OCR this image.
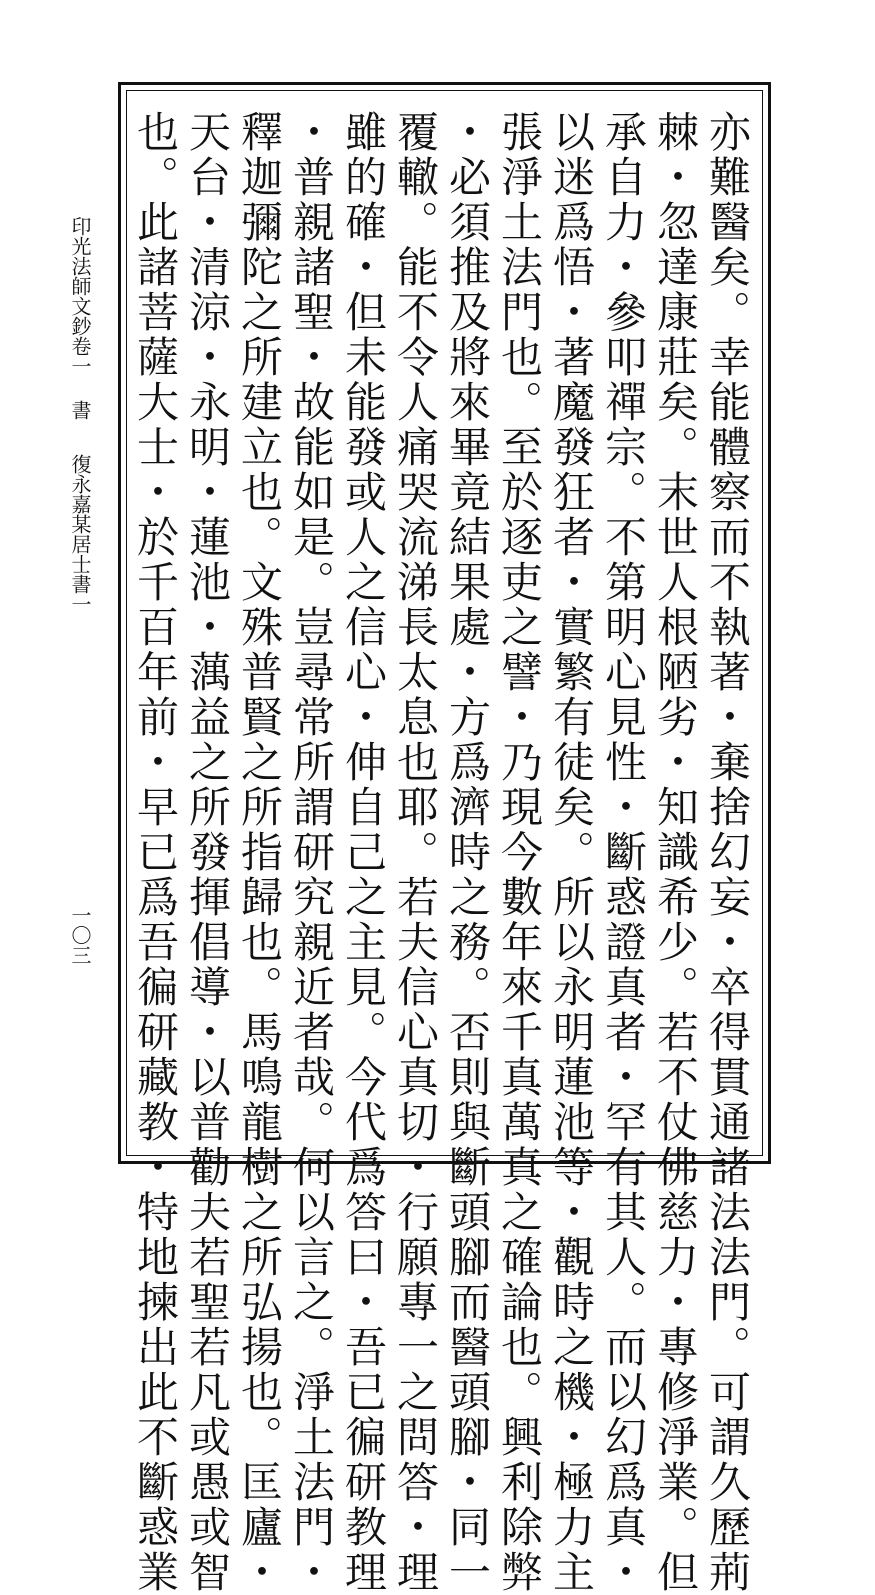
印光法師文鈔卷一
書
復永嘉某居士書一
一〇三	亦難醫矣。幸能體察而不執著・棄捨幻妄・卒得貫通諸法法門。可謂久歷荊
棘・忽達康莊矣。末世人根陋劣・知識希少。若不仗佛慈力・專修淨業。但
承自力・參叩禪宗。不第明心見性・斷惑證真者・罕有其人。而以幻爲真・
以迷爲悟・著魔發狂者・實繁有徒矣。所以永明蓮池等・觀時之機・極力主
張淨土法門也。至於逐吏之譬・乃現今數年來千真萬真之確論也。興利除弊
・必須推及將來畢竟結果處・方爲濟時之務。否則與斷頭腳而醫頭腳・同一
覆轍。能不令人痛哭流涕長太息也耶。若夫信心真切・行願專一之問答・理
雖的確・但未能發或人之信心・伸自己之主見。今代爲答曰・吾已徧研教理
・普親諸聖・故能如是。豈尋常所謂研究親近者哉。何以言之。淨土法門・
釋迦彌陀之所建立也。文殊普賢之所指歸也。馬鳴龍樹之所弘揚也。匡廬・
天台・清涼・永明・蓮池・蕅益之所發揮倡導・以普勸夫若聖若凡或愚或智
也。此諸菩薩大士・於千百年前・早已爲吾徧研藏教・特地揀出此不斷惑業
